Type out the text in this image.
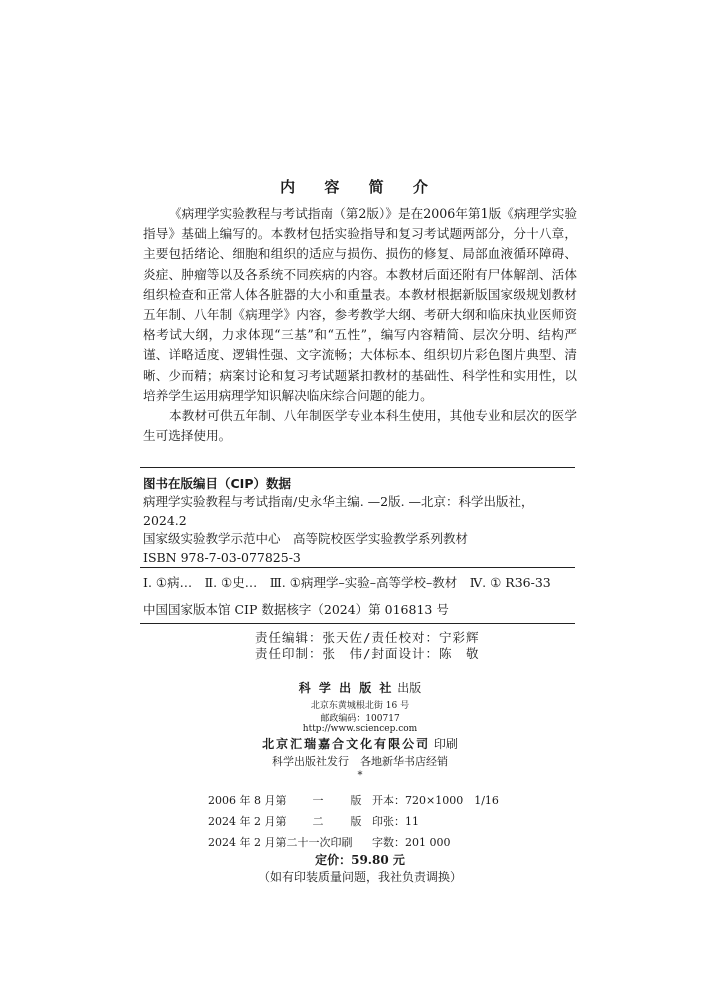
内 容 简 介

《病理学实验教程与考试指南（第2版）》是在2006年第1版《病理学实验指导》基础上编写的。本教材包括实验指导和复习考试题两部分，分十八章，主要包括绪论、细胞和组织的适应与损伤、损伤的修复、局部血液循环障碍、炎症、肿瘤等以及各系统不同疾病的内容。本教材后面还附有尸体解剖、活体组织检查和正常人体各脏器的大小和重量表。本教材根据新版国家级规划教材五年制、八年制《病理学》内容，参考教学大纲、考研大纲和临床执业医师资格考试大纲，力求体现“三基”和“五性”，编写内容精简、层次分明、结构严谨、详略适度、逻辑性强、文字流畅；大体标本、组织切片彩色图片典型、清晰、少而精；病案讨论和复习考试题紧扣教材的基础性、科学性和实用性，以培养学生运用病理学知识解决临床综合问题的能力。

本教材可供五年制、八年制医学专业本科生使用，其他专业和层次的医学生可选择使用。

图书在版编目（CIP）数据
病理学实验教程与考试指南/史永华主编. —2版. —北京：科学出版社，
2024.2
国家级实验教学示范中心　高等院校医学实验教学系列教材
ISBN 978-7-03-077825-3
Ⅰ. ①病…　Ⅱ. ①史…　Ⅲ. ①病理学–实验–高等学校–教材　Ⅳ. ① R36-33
中国国家版本馆 CIP 数据核字（2024）第 016813 号
责任编辑：张天佐/责任校对：宁彩辉
责任印制：张　伟/封面设计：陈　敬
科 学 出 版 社 出版
北京东黄城根北街 16 号
邮政编码：100717
http://www.sciencep.com
北京汇瑞嘉合文化有限公司 印刷
科学出版社发行　各地新华书店经销
*
2006 年 8 月第 一 版 开本：720×1000　1/16
2024 年 2 月第 二 版 印张：11
2024 年 2 月第二十一次印刷 字数：201 000
定价：59.80 元
（如有印装质量问题，我社负责调换）
